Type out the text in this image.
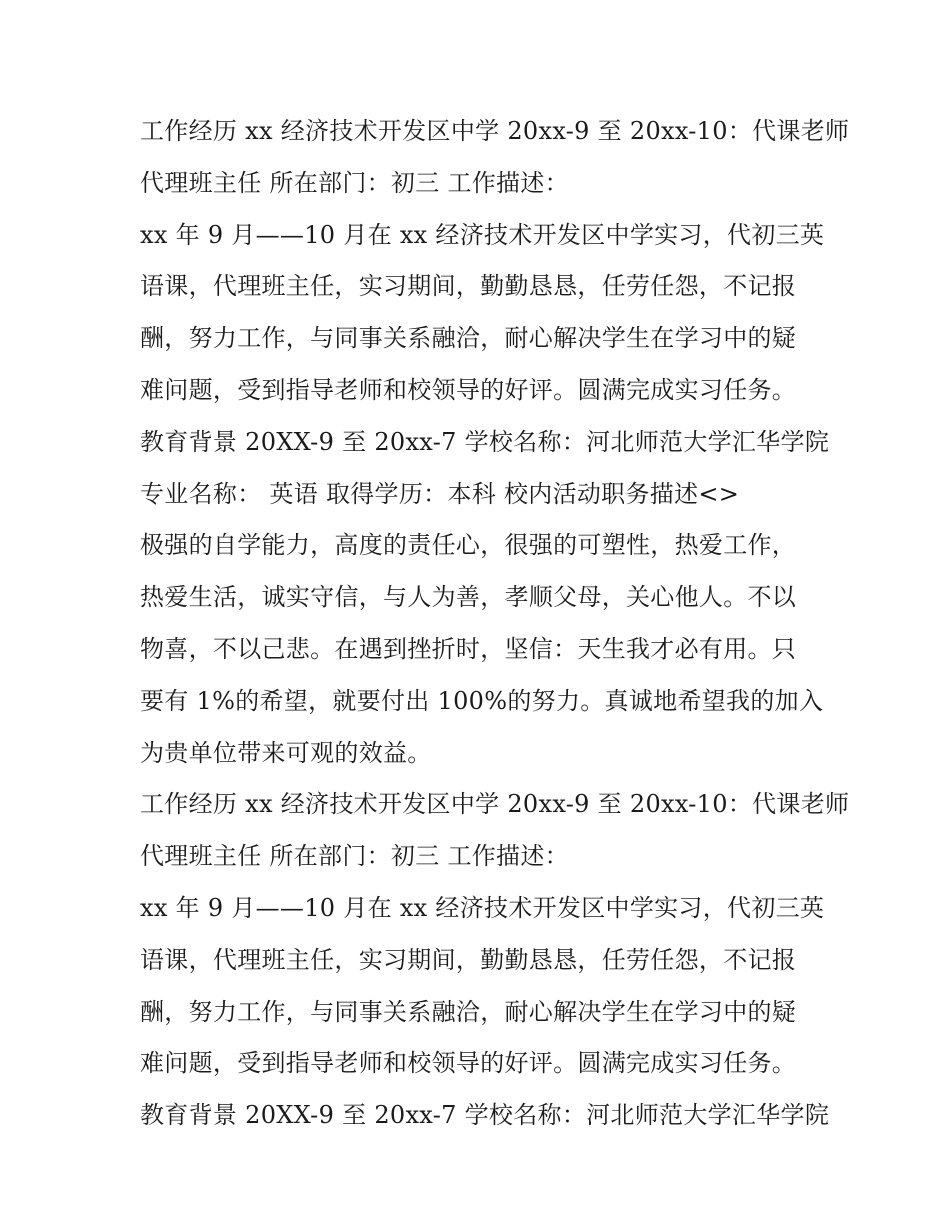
工作经历 xx 经济技术开发区中学 20xx-9 至 20xx-10：代课老师
代理班主任 所在部门：初三 工作描述：
xx 年 9 月——10 月在 xx 经济技术开发区中学实习，代初三英
语课，代理班主任，实习期间，勤勤恳恳，任劳任怨，不记报
酬，努力工作，与同事关系融洽，耐心解决学生在学习中的疑
难问题，受到指导老师和校领导的好评。圆满完成实习任务。
教育背景 20XX-9 至 20xx-7 学校名称：河北师范大学汇华学院
专业名称： 英语 取得学历：本科 校内活动职务描述<>
极强的自学能力，高度的责任心，很强的可塑性，热爱工作，
热爱生活，诚实守信，与人为善，孝顺父母，关心他人。不以
物喜，不以己悲。在遇到挫折时，坚信：天生我才必有用。只
要有 1%的希望，就要付出 100%的努力。真诚地希望我的加入
为贵单位带来可观的效益。
工作经历 xx 经济技术开发区中学 20xx-9 至 20xx-10：代课老师
代理班主任 所在部门：初三 工作描述：
xx 年 9 月——10 月在 xx 经济技术开发区中学实习，代初三英
语课，代理班主任，实习期间，勤勤恳恳，任劳任怨，不记报
酬，努力工作，与同事关系融洽，耐心解决学生在学习中的疑
难问题，受到指导老师和校领导的好评。圆满完成实习任务。
教育背景 20XX-9 至 20xx-7 学校名称：河北师范大学汇华学院
